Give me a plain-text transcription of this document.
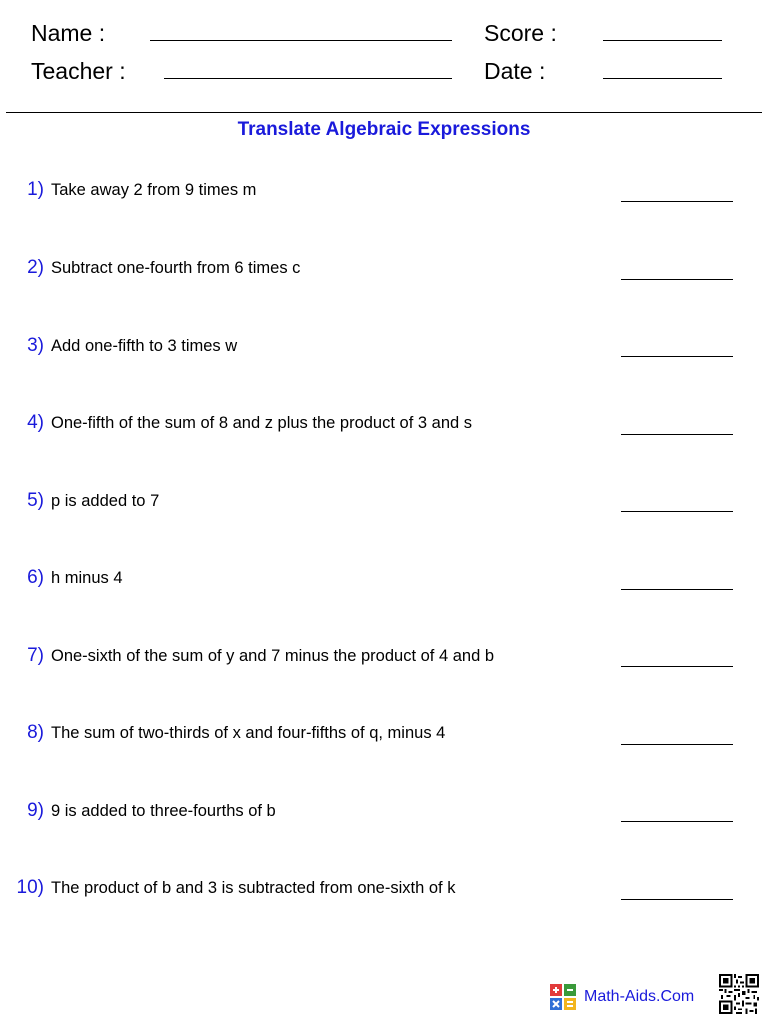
Name :	Score :
Teacher :	Date :
Translate Algebraic Expressions
1) Take away 2 from 9 times m
2) Subtract one-fourth from 6 times c
3) Add one-fifth to 3 times w
4) One-fifth of the sum of 8 and z plus the product of 3 and s
5) p is added to 7
6) h minus 4
7) One-sixth of the sum of y and 7 minus the product of 4 and b
8) The sum of two-thirds of x and four-fifths of q, minus 4
9) 9 is added to three-fourths of b
10) The product of b and 3 is subtracted from one-sixth of k
Math-Aids.Com
